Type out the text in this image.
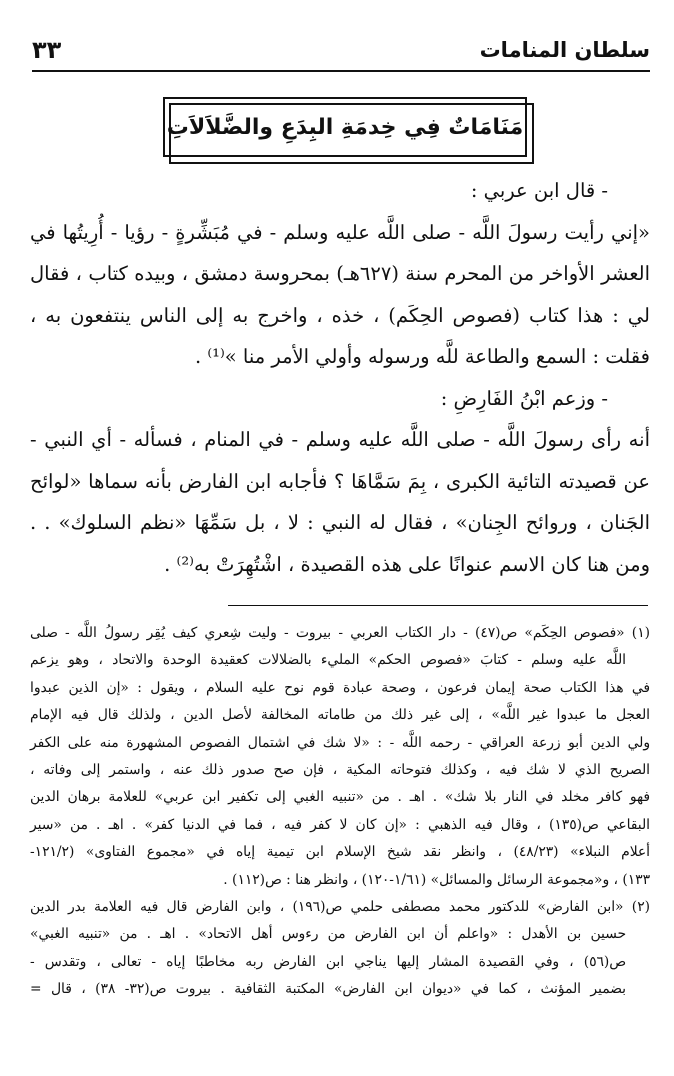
سلطان المنامات
٣٣
مَنَامَاتٌ فِي خِدمَةِ البِدَعِ والضَّلاَلاَتِ
- قال ابن عربي :
«إني رأيت رسولَ اللَّه - صلى اللَّه عليه وسلم - في مُبَشِّرةٍ - رؤيا - أُرِيتُها في
العشر الأواخر من المحرم سنة (٦٢٧هـ) بمحروسة دمشق ، وبيده كتاب ، فقال
لي : هذا كتاب (فصوص الحِكَم) ، خذه ، واخرج به إلى الناس ينتفعون به ،
فقلت : السمع والطاعة للَّه ورسوله وأولي الأمر منا »⁽¹⁾ .
- وزعم ابْنُ الفَارِضِ :
أنه رأى رسولَ اللَّه - صلى اللَّه عليه وسلم - في المنام ، فسأله - أي النبي -
عن قصيدته التائية الكبرى ، بِمَ سَمَّاهَا ؟ فأجابه ابن الفارض بأنه سماها «لوائح
الجَنان ، وروائح الجِنان» ، فقال له النبي : لا ، بل سَمِّهَا «نظم السلوك» . .
ومن هنا كان الاسم عنوانًا على هذه القصيدة ، اشْتُهِرَتْ به⁽²⁾ .
(١) «فصوص الحِكَم» ص(٤٧) - دار الكتاب العربي - بيروت - وليت شِعري كيف يُقِر رسولُ اللَّه - صلى
اللَّه عليه وسلم - كتابَ «فصوص الحكم» المليء بالضلالات كعقيدة الوحدة والاتحاد ، وهو يزعم
في هذا الكتاب صحة إيمان فرعون ، وصحة عبادة قوم نوح عليه السلام ، ويقول : «إن الذين عبدوا
العجل ما عبدوا غير اللَّه» ، إلى غير ذلك من طاماته المخالفة لأصل الدين ، ولذلك قال فيه الإمام
ولي الدين أبو زرعة العراقي - رحمه اللَّه - : «لا شك في اشتمال الفصوص المشهورة منه على الكفر
الصريح الذي لا شك فيه ، وكذلك فتوحاته المكية ، فإن صح صدور ذلك عنه ، واستمر إلى وفاته ،
فهو كافر مخلد في النار بلا شك» . اهـ . من «تنبيه الغبي إلى تكفير ابن عربي» للعلامة برهان الدين
البقاعي ص(١٣٥) ، وقال فيه الذهبي : «إن كان لا كفر فيه ، فما في الدنيا كفر» . اهـ . من «سير
أعلام النبلاء» (٤٨/٢٣) ، وانظر نقد شيخ الإسلام ابن تيمية إياه في «مجموع الفتاوى» (١٢١/٢-
١٣٣) ، و«مجموعة الرسائل والمسائل» (١/٦١-١٢٠) ، وانظر هنا : ص(١١٢) .
(٢) «ابن الفارض» للدكتور محمد مصطفى حلمي ص(١٩٦) ، وابن الفارض قال فيه العلامة بدر الدين
حسين بن الأهدل : «واعلم أن ابن الفارض من رءوس أهل الاتحاد» . اهـ . من «تنبيه الغبي»
ص(٥٦) ، وفي القصيدة المشار إليها يناجي ابن الفارض ربه مخاطبًا إياه - تعالى ، وتقدس -
بضمير المؤنث ، كما في «ديوان ابن الفارض» المكتبة الثقافية . بيروت ص(٣٢- ٣٨) ، قال =
